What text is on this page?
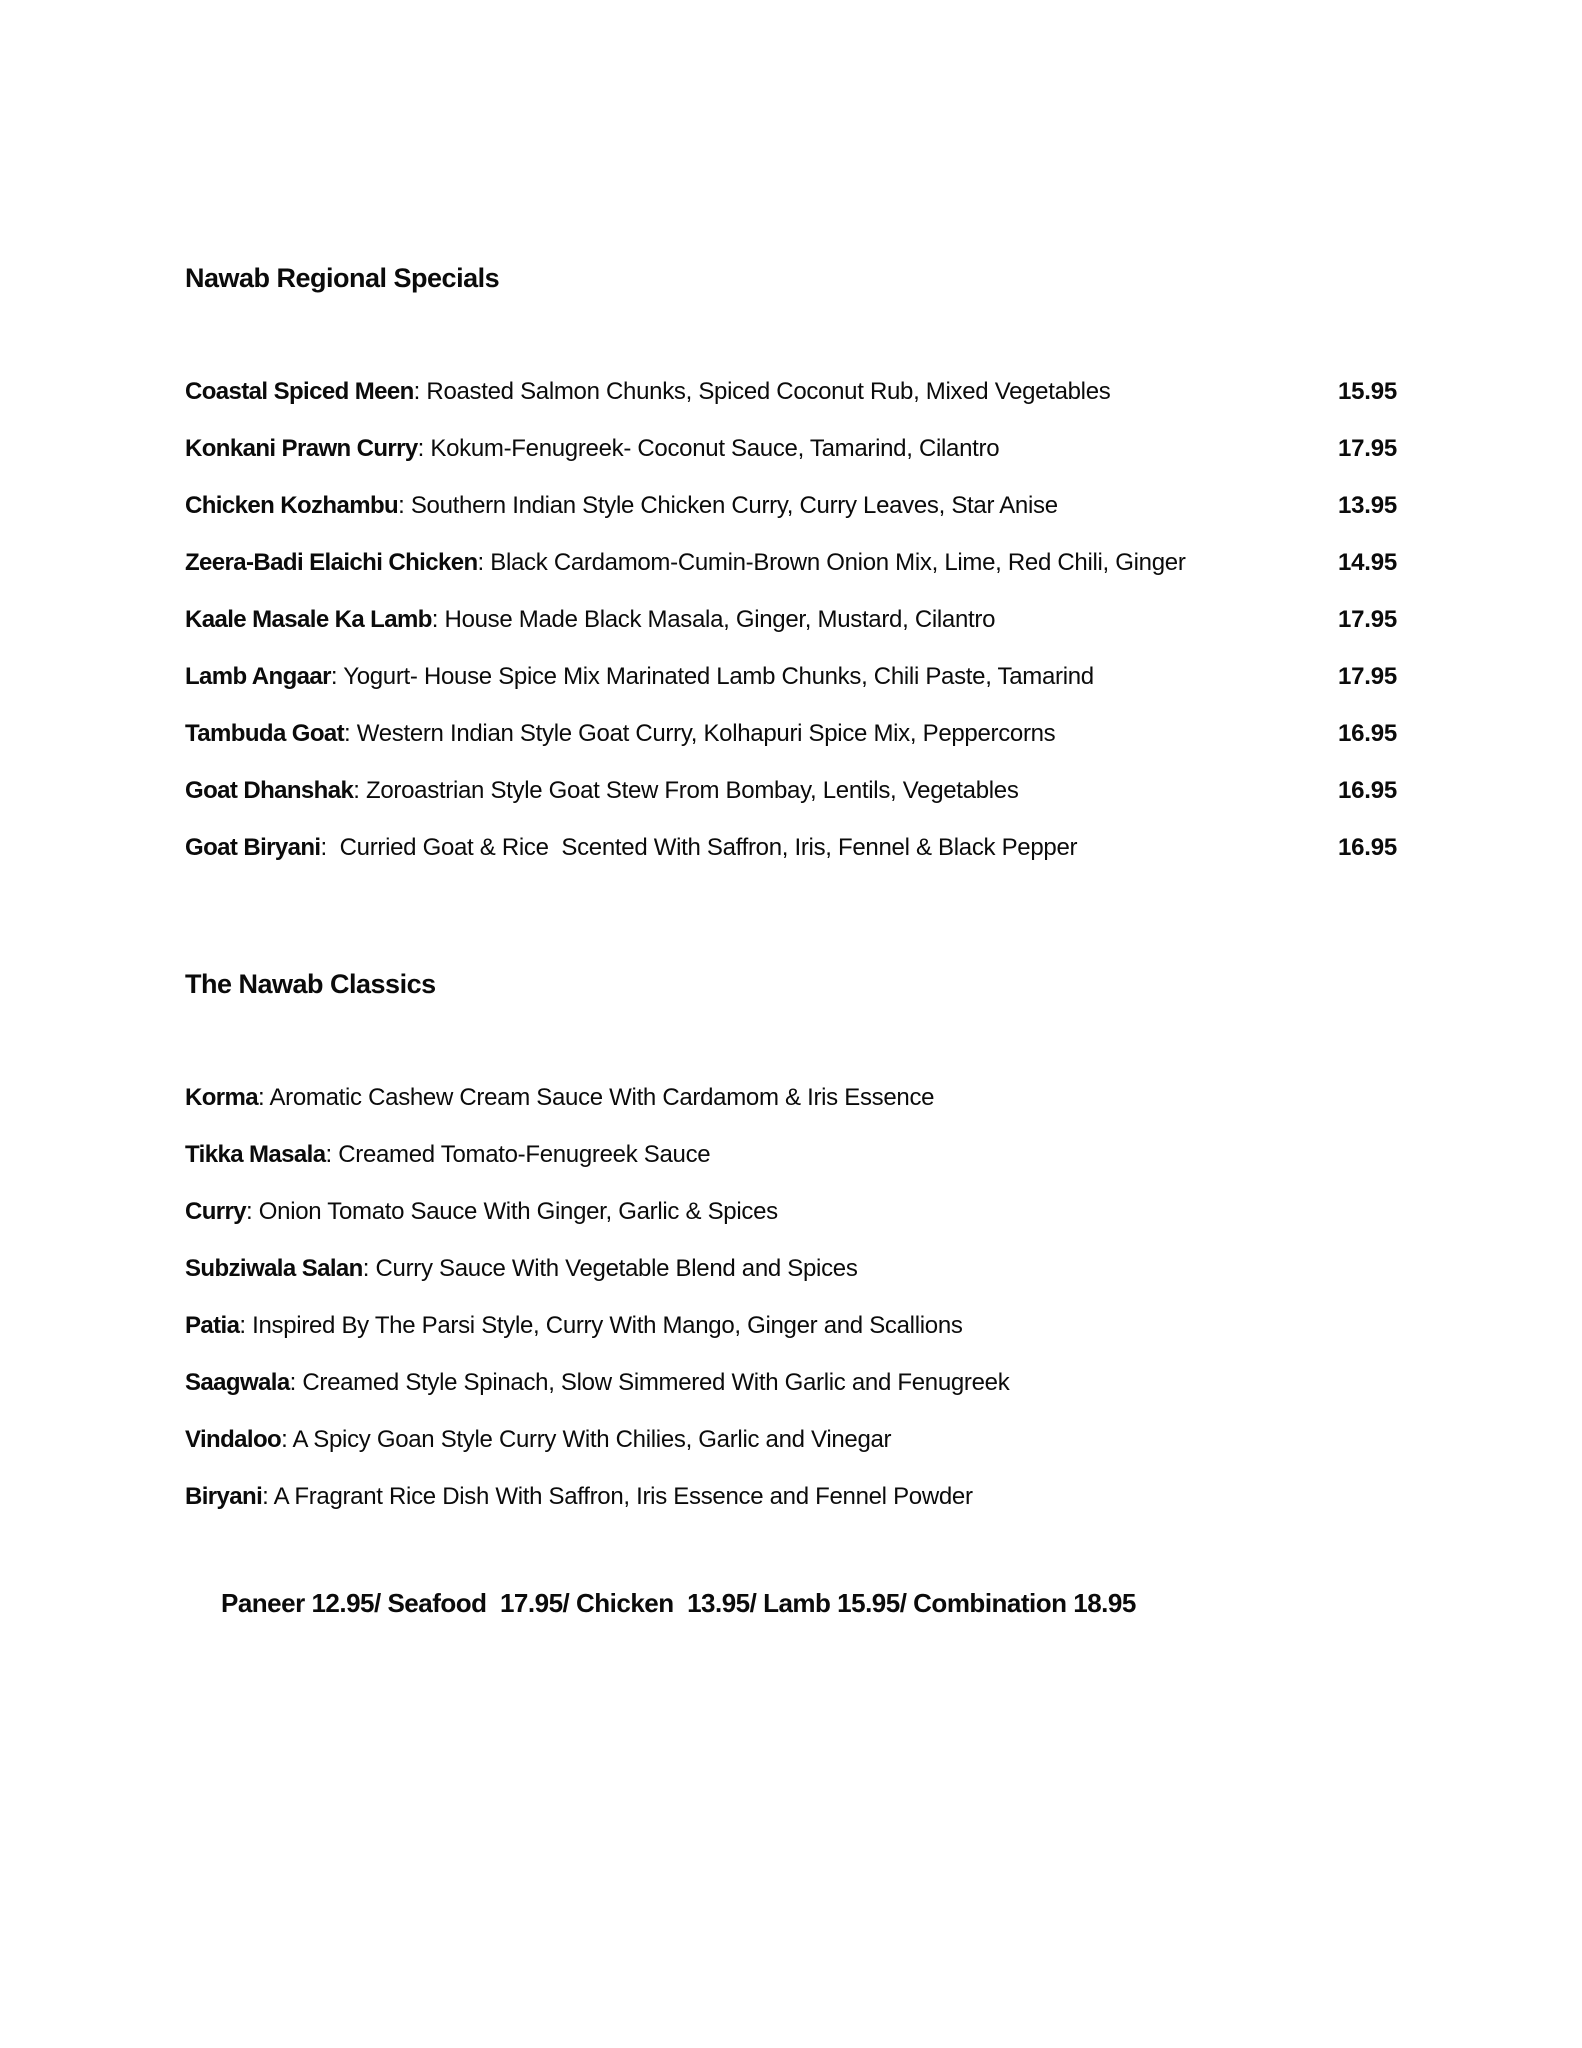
Nawab Regional Specials
Coastal Spiced Meen: Roasted Salmon Chunks, Spiced Coconut Rub, Mixed Vegetables	15.95
Konkani Prawn Curry: Kokum-Fenugreek- Coconut Sauce, Tamarind, Cilantro	17.95
Chicken Kozhambu: Southern Indian Style Chicken Curry, Curry Leaves, Star Anise	13.95
Zeera-Badi Elaichi Chicken: Black Cardamom-Cumin-Brown Onion Mix, Lime, Red Chili, Ginger	14.95
Kaale Masale Ka Lamb: House Made Black Masala, Ginger, Mustard, Cilantro	17.95
Lamb Angaar: Yogurt- House Spice Mix Marinated Lamb Chunks, Chili Paste, Tamarind	17.95
Tambuda Goat: Western Indian Style Goat Curry, Kolhapuri Spice Mix, Peppercorns	16.95
Goat Dhanshak: Zoroastrian Style Goat Stew From Bombay, Lentils, Vegetables	16.95
Goat Biryani:  Curried Goat & Rice  Scented With Saffron, Iris, Fennel & Black Pepper	16.95
The Nawab Classics
Korma: Aromatic Cashew Cream Sauce With Cardamom & Iris Essence
Tikka Masala: Creamed Tomato-Fenugreek Sauce
Curry: Onion Tomato Sauce With Ginger, Garlic & Spices
Subziwala Salan: Curry Sauce With Vegetable Blend and Spices
Patia: Inspired By The Parsi Style, Curry With Mango, Ginger and Scallions
Saagwala: Creamed Style Spinach, Slow Simmered With Garlic and Fenugreek
Vindaloo: A Spicy Goan Style Curry With Chilies, Garlic and Vinegar
Biryani: A Fragrant Rice Dish With Saffron, Iris Essence and Fennel Powder
Paneer 12.95/ Seafood  17.95/ Chicken  13.95/ Lamb 15.95/ Combination 18.95
